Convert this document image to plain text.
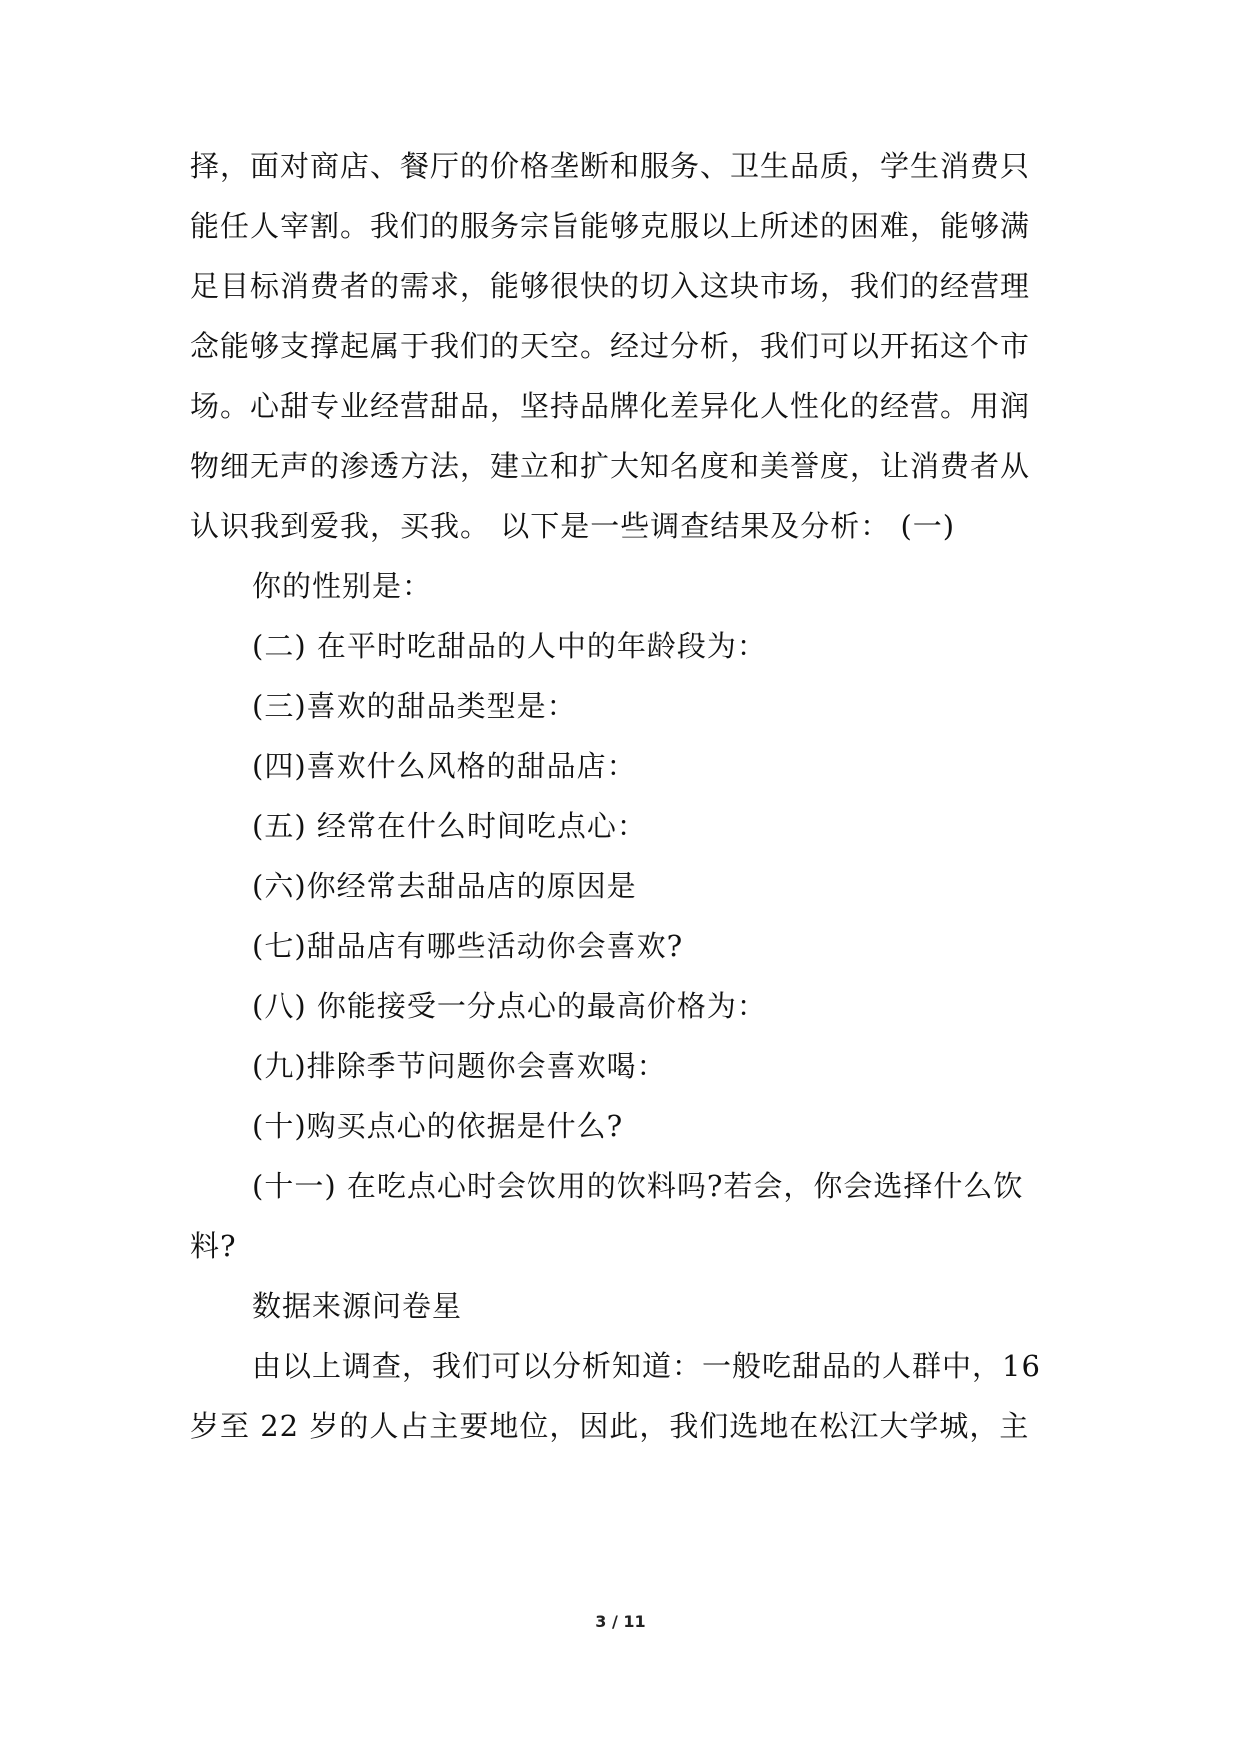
择，面对商店、餐厅的价格垄断和服务、卫生品质，学生消费只
能任人宰割。我们的服务宗旨能够克服以上所述的困难，能够满
足目标消费者的需求，能够很快的切入这块市场，我们的经营理
念能够支撑起属于我们的天空。经过分析，我们可以开拓这个市
场。心甜专业经营甜品，坚持品牌化差异化人性化的经营。用润
物细无声的渗透方法，建立和扩大知名度和美誉度，让消费者从
认识我到爱我，买我。 以下是一些调查结果及分析： (一)
你的性别是：
(二) 在平时吃甜品的人中的年龄段为：
(三)喜欢的甜品类型是：
(四)喜欢什么风格的甜品店：
(五) 经常在什么时间吃点心：
(六)你经常去甜品店的原因是
(七)甜品店有哪些活动你会喜欢?
(八) 你能接受一分点心的最高价格为：
(九)排除季节问题你会喜欢喝：
(十)购买点心的依据是什么?
(十一) 在吃点心时会饮用的饮料吗?若会，你会选择什么饮
料?
数据来源问卷星
由以上调查，我们可以分析知道：一般吃甜品的人群中，16
岁至 22 岁的人占主要地位，因此，我们选地在松江大学城，主
3 / 11
